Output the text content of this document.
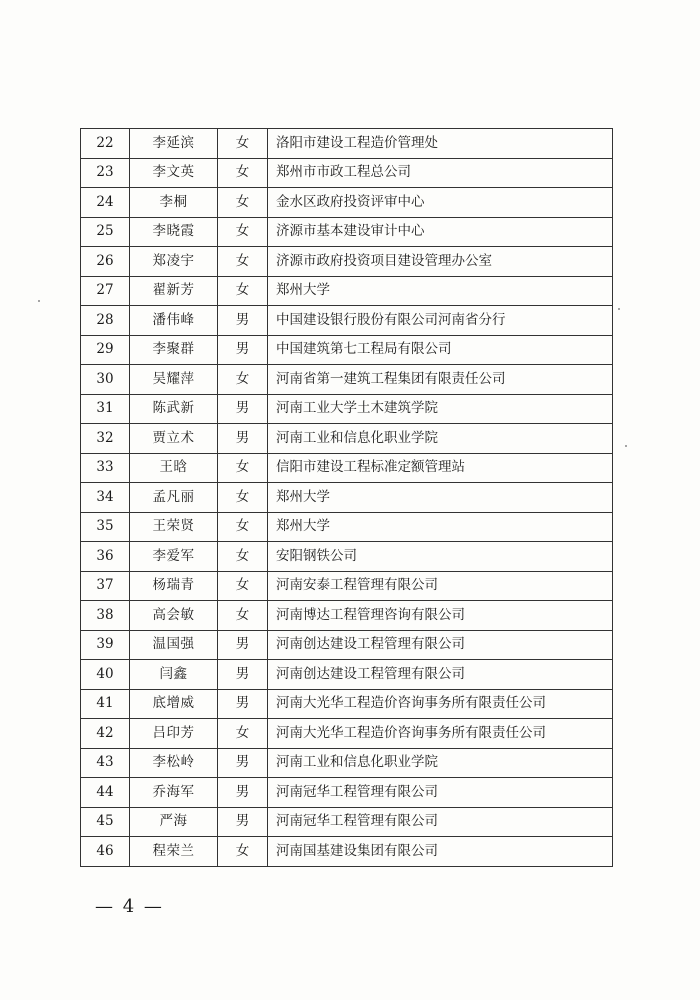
22	李延滨	女	洛阳市建设工程造价管理处
23	李文英	女	郑州市市政工程总公司
24	李桐	女	金水区政府投资评审中心
25	李晓霞	女	济源市基本建设审计中心
26	郑凌宇	女	济源市政府投资项目建设管理办公室
27	翟新芳	女	郑州大学
28	潘伟峰	男	中国建设银行股份有限公司河南省分行
29	李聚群	男	中国建筑第七工程局有限公司
30	吴耀萍	女	河南省第一建筑工程集团有限责任公司
31	陈武新	男	河南工业大学土木建筑学院
32	贾立术	男	河南工业和信息化职业学院
33	王晗	女	信阳市建设工程标准定额管理站
34	孟凡丽	女	郑州大学
35	王荣贤	女	郑州大学
36	李爱军	女	安阳钢铁公司
37	杨瑞青	女	河南安泰工程管理有限公司
38	高会敏	女	河南博达工程管理咨询有限公司
39	温国强	男	河南创达建设工程管理有限公司
40	闫鑫	男	河南创达建设工程管理有限公司
41	底增威	男	河南大光华工程造价咨询事务所有限责任公司
42	吕印芳	女	河南大光华工程造价咨询事务所有限责任公司
43	李松岭	男	河南工业和信息化职业学院
44	乔海军	男	河南冠华工程管理有限公司
45	严海	男	河南冠华工程管理有限公司
46	程荣兰	女	河南国基建设集团有限公司
— 4 —
